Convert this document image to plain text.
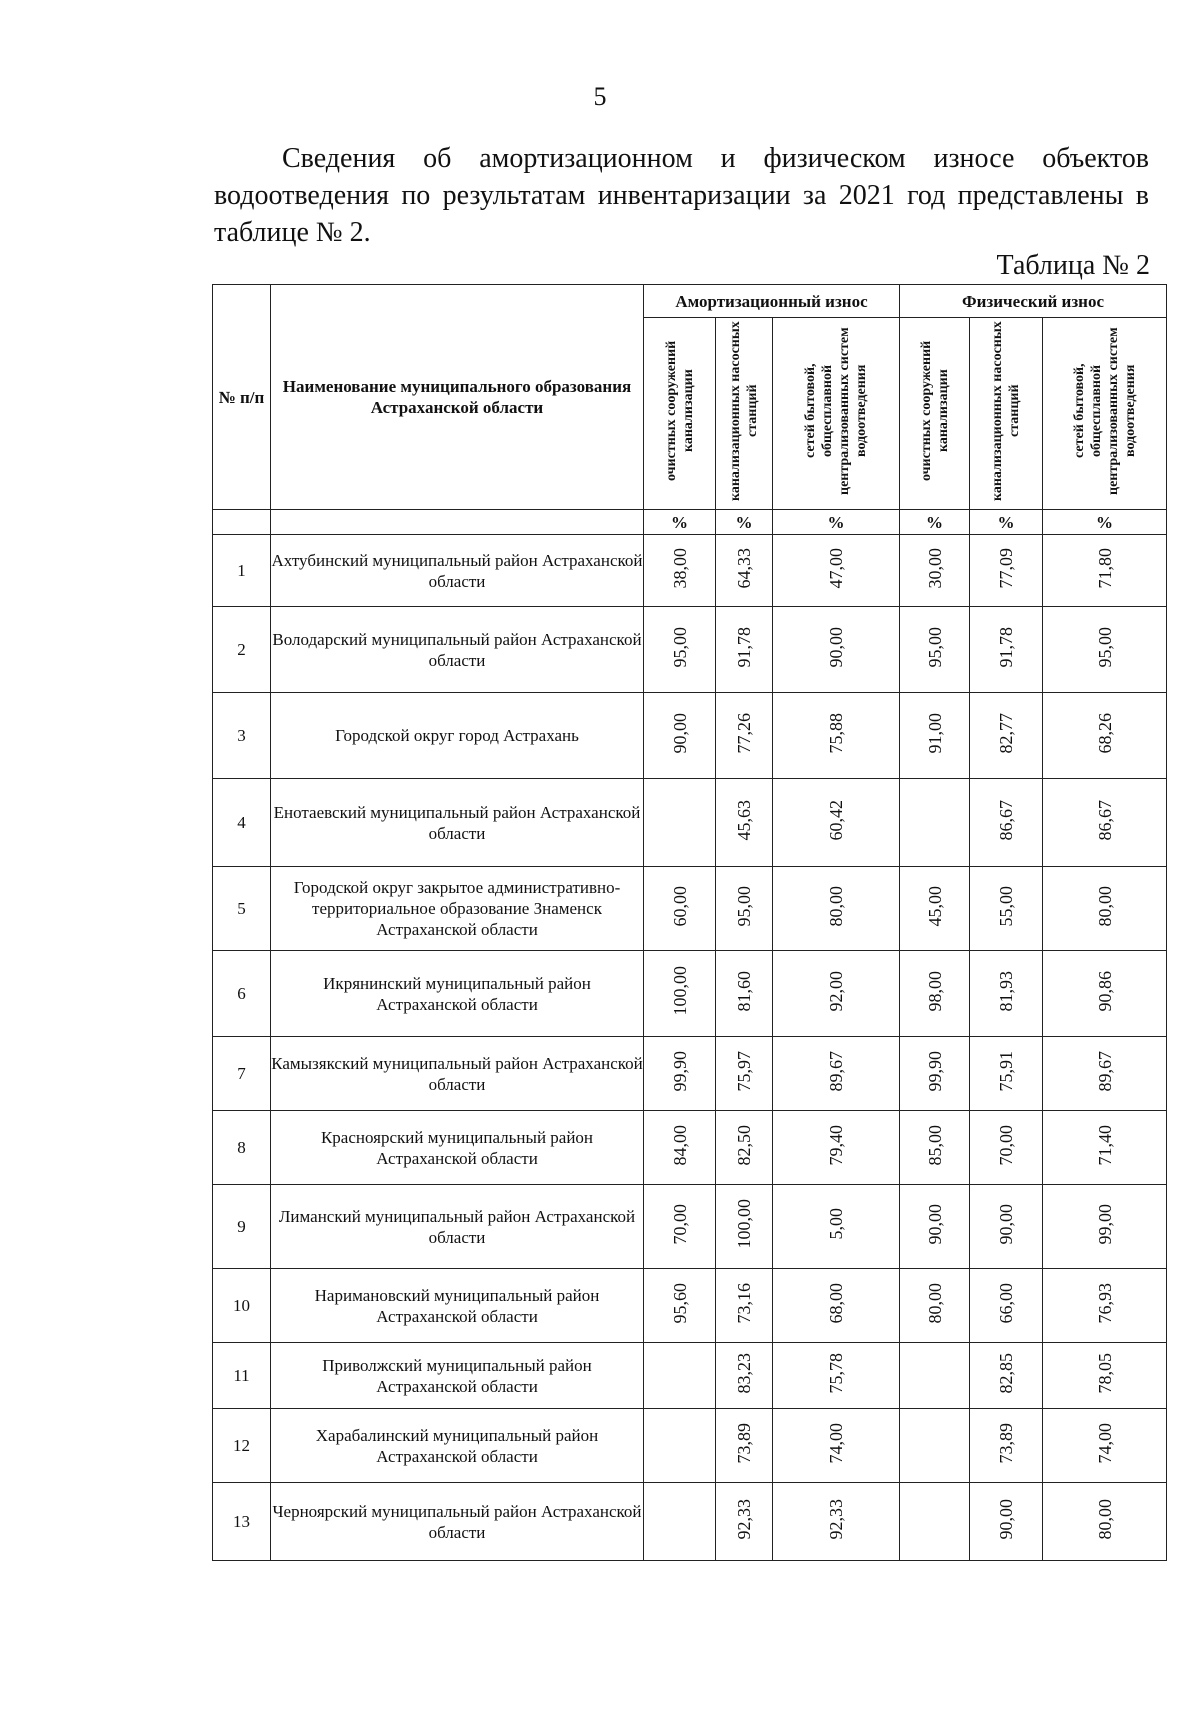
5

Сведения об амортизационном и физическом износе объектов водоотведения по результатам инвентаризации за 2021 год представлены в таблице № 2.

Таблица № 2
№ п/п	Наименование муниципального образования Астраханской области	Амортизационный износ			Физический износ		
		очистных сооружений канализации	канализационных насосных станций	сетей бытовой, общесплавной централизованных систем водоотведения	очистных сооружений канализации	канализационных насосных станций	сетей бытовой, общесплавной централизованных систем водоотведения
		%	%	%	%	%	%
1	Ахтубинский муниципальный район Астраханской области	38,00	64,33	47,00	30,00	77,09	71,80
2	Володарский муниципальный район Астраханской области	95,00	91,78	90,00	95,00	91,78	95,00
3	Городской округ город Астрахань	90,00	77,26	75,88	91,00	82,77	68,26
4	Енотаевский муниципальный район Астраханской области		45,63	60,42		86,67	86,67
5	Городской округ закрытое административно-территориальное образование Знаменск Астраханской области	60,00	95,00	80,00	45,00	55,00	80,00
6	Икрянинский муниципальный район Астраханской области	100,00	81,60	92,00	98,00	81,93	90,86
7	Камызякский муниципальный район Астраханской области	99,90	75,97	89,67	99,90	75,91	89,67
8	Красноярский муниципальный район Астраханской области	84,00	82,50	79,40	85,00	70,00	71,40
9	Лиманский муниципальный район Астраханской области	70,00	100,00	5,00	90,00	90,00	99,00
10	Наримановский муниципальный район Астраханской области	95,60	73,16	68,00	80,00	66,00	76,93
11	Приволжский муниципальный район Астраханской области		83,23	75,78		82,85	78,05
12	Харабалинский муниципальный район Астраханской области		73,89	74,00		73,89	74,00
13	Черноярский муниципальный район Астраханской области		92,33	92,33		90,00	80,00
